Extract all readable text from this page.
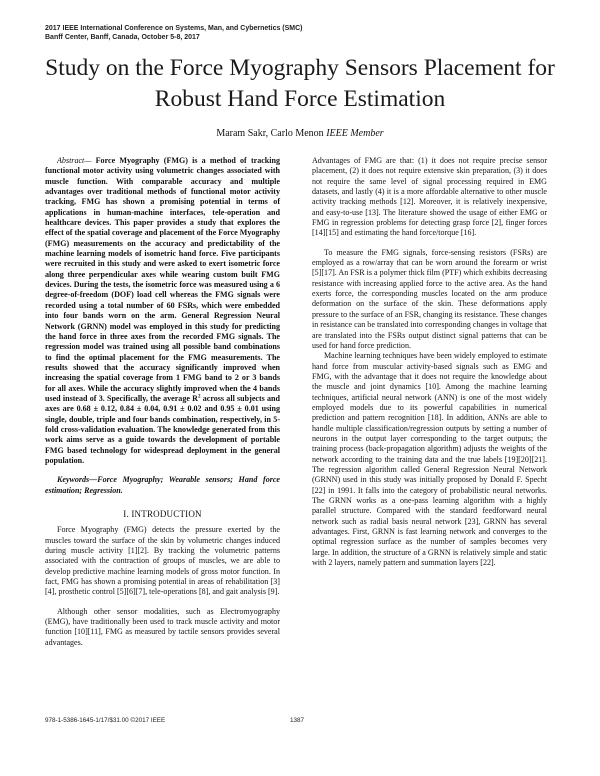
2017 IEEE International Conference on Systems, Man, and Cybernetics (SMC)
Banff Center, Banff, Canada, October 5-8, 2017
Study on the Force Myography Sensors Placement for
Robust Hand Force Estimation
Maram Sakr, Carlo Menon IEEE Member

Abstract— Force Myography (FMG) is a method of tracking functional motor activity using volumetric changes associated with muscle function. With comparable accuracy and multiple advantages over traditional methods of functional motor activity tracking, FMG has shown a promising potential in terms of applications in human-machine interfaces, tele-operation and healthcare devices. This paper provides a study that explores the effect of the spatial coverage and placement of the Force Myography (FMG) measurements on the accuracy and predictability of the machine learning models of isometric hand force. Five participants were recruited in this study and were asked to exert isometric force along three perpendicular axes while wearing custom built FMG devices. During the tests, the isometric force was measured using a 6 degree-of-freedom (DOF) load cell whereas the FMG signals were recorded using a total number of 60 FSRs, which were embedded into four bands worn on the arm. General Regression Neural Network (GRNN) model was employed in this study for predicting the hand force in three axes from the recorded FMG signals. The regression model was trained using all possible band combinations to find the optimal placement for the FMG measurements. The results showed that the accuracy significantly improved when increasing the spatial coverage from 1 FMG band to 2 or 3 bands for all axes. While the accuracy slightly improved when the 4 bands used instead of 3. Specifically, the average $R^2$ across all subjects and axes are 0.68 ± 0.12, 0.84 ± 0.04, 0.91 ± 0.02 and 0.95 ± 0.01 using single, double, triple and four bands combination, respectively, in 5-fold cross-validation evaluation. The knowledge generated from this work aims serve as a guide towards the development of portable FMG based technology for widespread deployment in the general population.

Keywords—Force Myography; Wearable sensors; Hand force estimation; Regression.

I. INTRODUCTION

Force Myography (FMG) detects the pressure exerted by the muscles toward the surface of the skin by volumetric changes induced during muscle activity [1][2]. By tracking the volumetric patterns associated with the contraction of groups of muscles, we are able to develop predictive machine learning models of gross motor function. In fact, FMG has shown a promising potential in areas of rehabilitation [3][4], prosthetic control [5][6][7], tele-operations [8], and gait analysis [9].

Although other sensor modalities, such as Electromyography (EMG), have traditionally been used to track muscle activity and motor function [10][11], FMG as measured by tactile sensors provides several advantages.

Advantages of FMG are that: (1) it does not require precise sensor placement, (2) it does not require extensive skin preparation, (3) it does not require the same level of signal processing required in EMG datasets, and lastly (4) it is a more affordable alternative to other muscle activity tracking methods [12]. Moreover, it is relatively inexpensive, and easy-to-use [13]. The literature showed the usage of either EMG or FMG in regression problems for detecting grasp force [2], finger forces [14][15] and estimating the hand force/torque [16].

To measure the FMG signals, force-sensing resistors (FSRs) are employed as a row/array that can be worn around the forearm or wrist [5][17]. An FSR is a polymer thick film (PTF) which exhibits decreasing resistance with increasing applied force to the active area. As the hand exerts force, the corresponding muscles located on the arm produce deformation on the surface of the skin. These deformations apply pressure to the surface of an FSR, changing its resistance. These changes in resistance can be translated into corresponding changes in voltage that are translated into the FSRs output distinct signal patterns that can be used for hand force prediction.

Machine learning techniques have been widely employed to estimate hand force from muscular activity-based signals such as EMG and FMG, with the advantage that it does not require the knowledge about the muscle and joint dynamics [10]. Among the machine learning techniques, artificial neural network (ANN) is one of the most widely employed models due to its powerful capabilities in numerical prediction and pattern recognition [18]. In addition, ANNs are able to handle multiple classification/regression outputs by setting a number of neurons in the output layer corresponding to the target outputs; the training process (back-propagation algorithm) adjusts the weights of the network according to the training data and the true labels [19][20][21]. The regression algorithm called General Regression Neural Network (GRNN) used in this study was initially proposed by Donald F. Specht [22] in 1991. It falls into the category of probabilistic neural networks. The GRNN works as a one-pass learning algorithm with a highly parallel structure. Compared with the standard feedforward neural network such as radial basis neural network [23], GRNN has several advantages. First, GRNN is fast learning network and converges to the optimal regression surface as the number of samples becomes very large. In addition, the structure of a GRNN is relatively simple and static with 2 layers, namely pattern and summation layers [22].

978-1-5386-1645-1/17/$31.00 ©2017 IEEE	1387
